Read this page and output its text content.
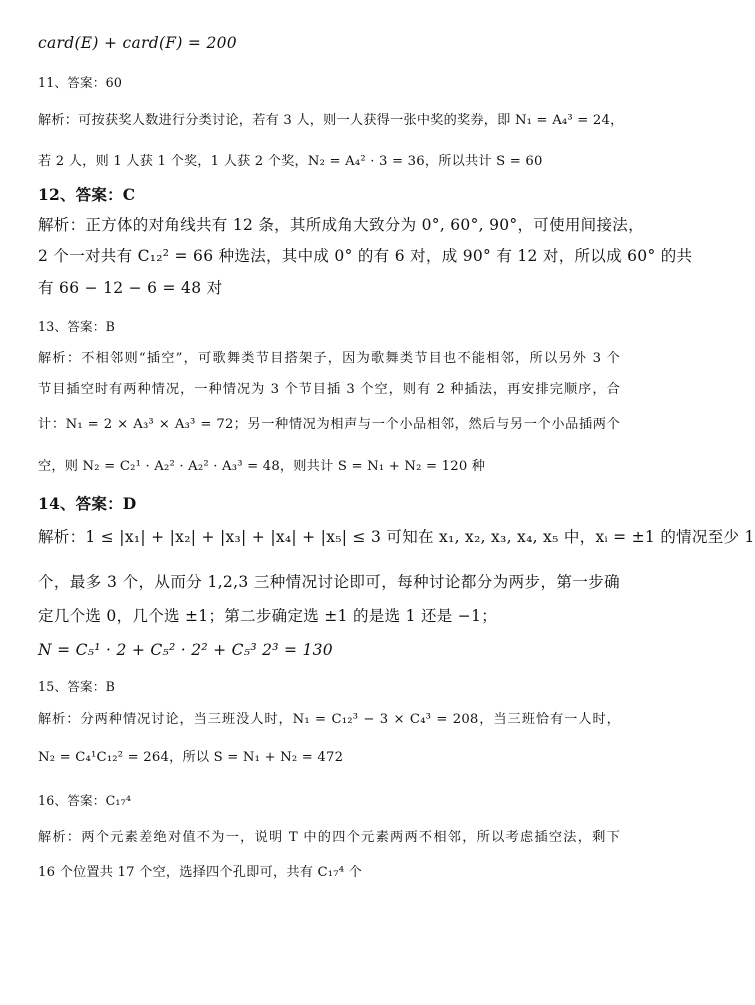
card(E) + card(F) = 200
11、答案：60
解析：可按获奖人数进行分类讨论，若有 3 人，则一人获得一张中奖的奖券，即 N₁ = A₄³ = 24，
若 2 人，则 1 人获 1 个奖，1 人获 2 个奖，N₂ = A₄² · 3 = 36，所以共计 S = 60
12、答案：C
解析：正方体的对角线共有 12 条，其所成角大致分为 0°, 60°, 90°，可使用间接法，
2 个一对共有 C₁₂² = 66 种选法，其中成 0° 的有 6 对，成 90° 有 12 对，所以成 60° 的共
有 66 − 12 − 6 = 48 对
13、答案：B
解析：不相邻则“插空”，可歌舞类节目搭架子，因为歌舞类节目也不能相邻，所以另外 3 个
节目插空时有两种情况，一种情况为 3 个节目插 3 个空，则有 2 种插法，再安排完顺序，合
计：N₁ = 2 × A₃³ × A₃³ = 72；另一种情况为相声与一个小品相邻，然后与另一个小品插两个
空，则 N₂ = C₂¹ · A₂² · A₂² · A₃³ = 48，则共计 S = N₁ + N₂ = 120 种
14、答案：D
解析：1 ≤ |x₁| + |x₂| + |x₃| + |x₄| + |x₅| ≤ 3 可知在 x₁, x₂, x₃, x₄, x₅ 中，xᵢ = ±1 的情况至少 1
个，最多 3 个，从而分 1,2,3 三种情况讨论即可，每种讨论都分为两步，第一步确
定几个选 0，几个选 ±1；第二步确定选 ±1 的是选 1 还是 −1；
N = C₅¹ · 2 + C₅² · 2² + C₅³ 2³ = 130
15、答案：B
解析：分两种情况讨论，当三班没人时，N₁ = C₁₂³ − 3 × C₄³ = 208，当三班恰有一人时，
N₂ = C₄¹C₁₂² = 264，所以 S = N₁ + N₂ = 472
16、答案：C₁₇⁴
解析：两个元素差绝对值不为一，说明 T 中的四个元素两两不相邻，所以考虑插空法，剩下
16 个位置共 17 个空，选择四个孔即可，共有 C₁₇⁴ 个
